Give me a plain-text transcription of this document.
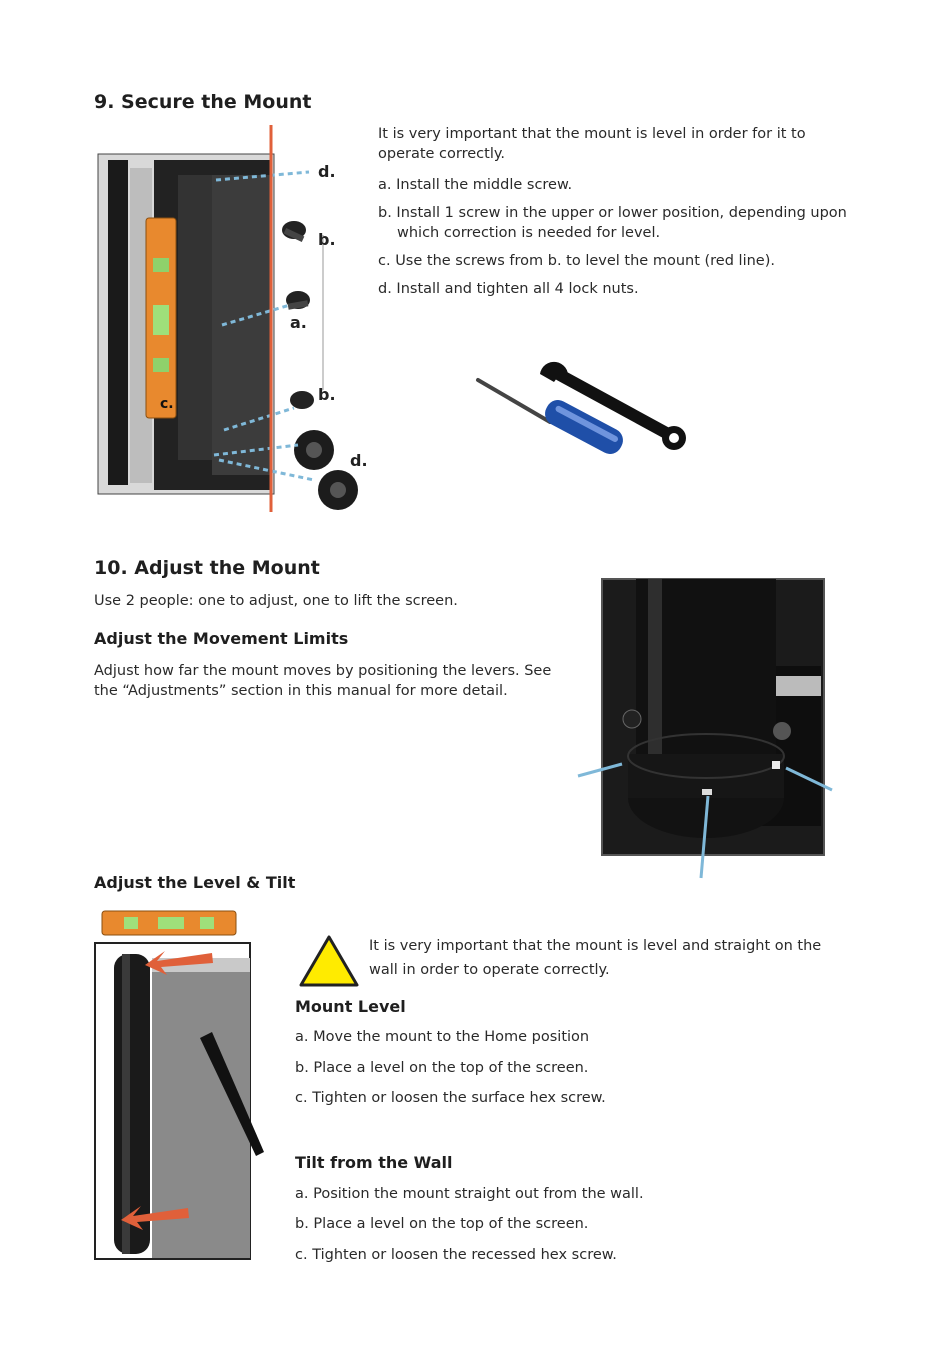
9. Secure the Mount
It is very important that the mount is level in order for it to operate correctly.
a. Install the middle screw.
b. Install 1 screw in the upper or lower position, depending upon which correction is needed for level.
c. Use the screws from b. to level the mount (red line).
d. Install and tighten all 4 lock nuts.
d.
b.
a.
b.
c.
d.
10. Adjust the Mount
Use 2 people: one to adjust, one to lift the screen.
Adjust the Movement Limits
Adjust how far the mount moves by positioning the levers. See the “Adjustments” section in this manual for more detail.
Adjust the Level & Tilt
It is very important that the mount is level and straight on the wall in order to operate correctly.
Mount Level
a. Move the mount to the Home position
b. Place a level on the top of the screen.
c. Tighten or loosen the surface hex screw.
Tilt from the Wall
a. Position the mount straight out from the wall.
b. Place a level on the top of the screen.
c. Tighten or loosen the recessed hex screw.
